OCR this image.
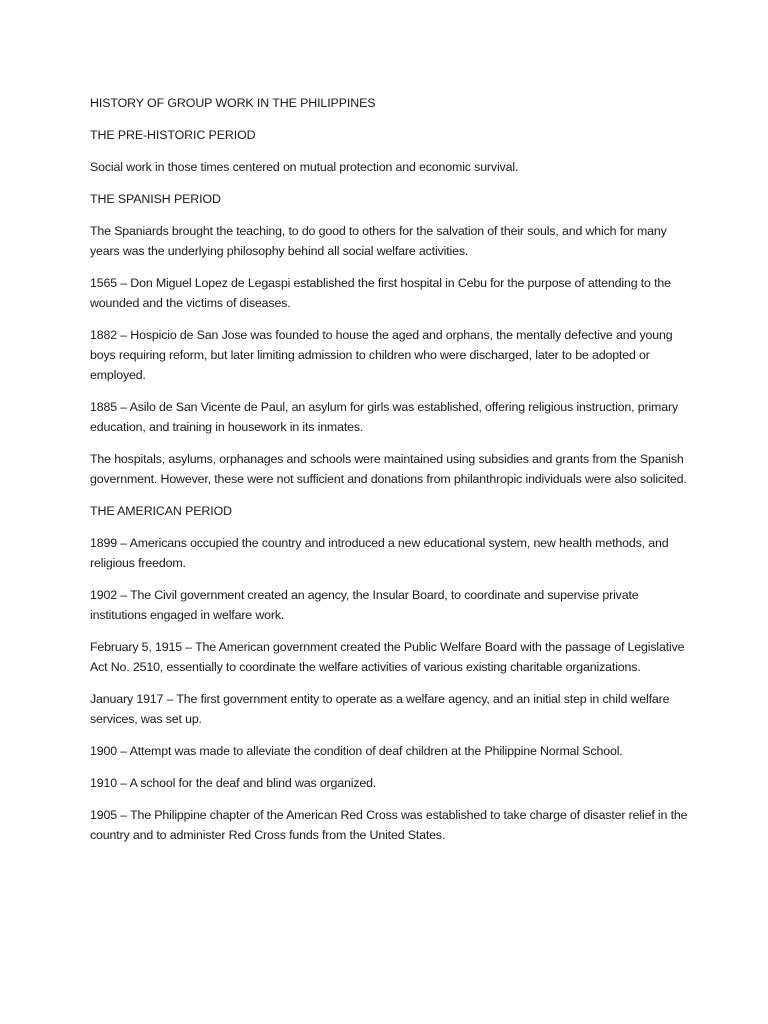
HISTORY OF GROUP WORK IN THE PHILIPPINES

THE PRE-HISTORIC PERIOD

Social work in those times centered on mutual protection and economic survival.

THE SPANISH PERIOD

The Spaniards brought the teaching, to do good to others for the salvation of their souls, and which for many years was the underlying philosophy behind all social welfare activities.

1565 – Don Miguel Lopez de Legaspi established the first hospital in Cebu for the purpose of attending to the wounded and the victims of diseases.

1882 – Hospicio de San Jose was founded to house the aged and orphans, the mentally defective and young boys requiring reform, but later limiting admission to children who were discharged, later to be adopted or employed.

1885 – Asilo de San Vicente de Paul, an asylum for girls was established, offering religious instruction, primary education, and training in housework in its inmates.

The hospitals, asylums, orphanages and schools were maintained using subsidies and grants from the Spanish government. However, these were not sufficient and donations from philanthropic individuals were also solicited.

THE AMERICAN PERIOD

1899 – Americans occupied the country and introduced a new educational system, new health methods, and religious freedom.

1902 – The Civil government created an agency, the Insular Board, to coordinate and supervise private institutions engaged in welfare work.

February 5, 1915 – The American government created the Public Welfare Board with the passage of Legislative Act No. 2510, essentially to coordinate the welfare activities of various existing charitable organizations.

January 1917 – The first government entity to operate as a welfare agency, and an initial step in child welfare services, was set up.

1900 – Attempt was made to alleviate the condition of deaf children at the Philippine Normal School.

1910 – A school for the deaf and blind was organized.

1905 – The Philippine chapter of the American Red Cross was established to take charge of disaster relief in the country and to administer Red Cross funds from the United States.
